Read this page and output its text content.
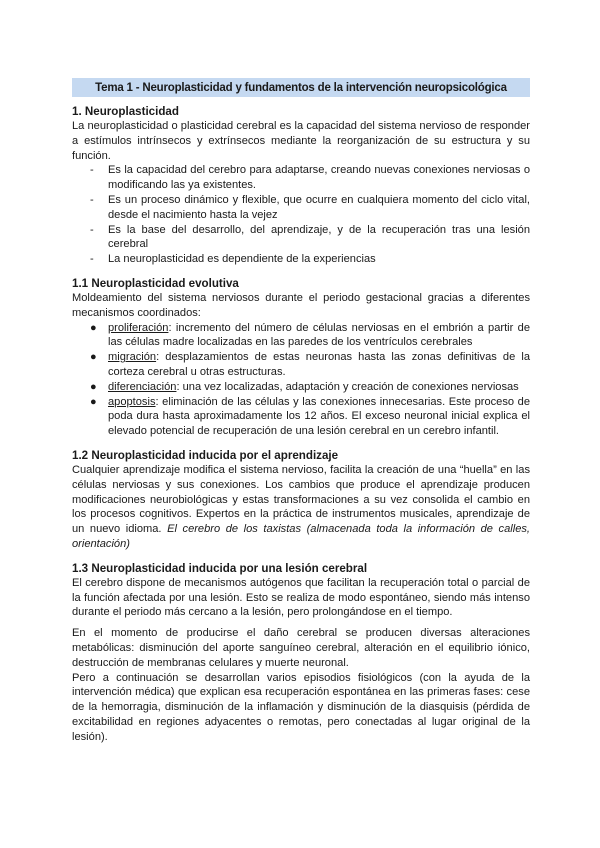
Tema 1 - Neuroplasticidad y fundamentos de la intervención neuropsicológica
1. Neuroplasticidad

La neuroplasticidad o plasticidad cerebral es la capacidad del sistema nervioso de responder a estímulos intrínsecos y extrínsecos mediante la reorganización de su estructura y su función.

- Es la capacidad del cerebro para adaptarse, creando nuevas conexiones nerviosas o modificando las ya existentes.
- Es un proceso dinámico y flexible, que ocurre en cualquiera momento del ciclo vital, desde el nacimiento hasta la vejez
- Es la base del desarrollo, del aprendizaje, y de la recuperación tras una lesión cerebral
- La neuroplasticidad es dependiente de la experiencias
1.1 Neuroplasticidad evolutiva

Moldeamiento del sistema nerviosos durante el periodo gestacional gracias a diferentes mecanismos coordinados:

● proliferación: incremento del número de células nerviosas en el embrión a partir de las células madre localizadas en las paredes de los ventrículos cerebrales
● migración: desplazamientos de estas neuronas hasta las zonas definitivas de la corteza cerebral u otras estructuras.
● diferenciación: una vez localizadas, adaptación y creación de conexiones nerviosas
● apoptosis: eliminación de las células y las conexiones innecesarias. Este proceso de poda dura hasta aproximadamente los 12 años. El exceso neuronal inicial explica el elevado potencial de recuperación de una lesión cerebral en un cerebro infantil.
1.2 Neuroplasticidad inducida por el aprendizaje

Cualquier aprendizaje modifica el sistema nervioso, facilita la creación de una “huella” en las células nerviosas y sus conexiones. Los cambios que produce el aprendizaje producen modificaciones neurobiológicas y estas transformaciones a su vez consolida el cambio en los procesos cognitivos. Expertos en la práctica de instrumentos musicales, aprendizaje de un nuevo idioma. El cerebro de los taxistas (almacenada toda la información de calles, orientación)

1.3 Neuroplasticidad inducida por una lesión cerebral

El cerebro dispone de mecanismos autógenos que facilitan la recuperación total o parcial de la función afectada por una lesión. Esto se realiza de modo espontáneo, siendo más intenso durante el periodo más cercano a la lesión, pero prolongándose en el tiempo.

En el momento de producirse el daño cerebral se producen diversas alteraciones metabólicas: disminución del aporte sanguíneo cerebral, alteración en el equilibrio iónico, destrucción de membranas celulares y muerte neuronal.

Pero a continuación se desarrollan varios episodios fisiológicos (con la ayuda de la intervención médica) que explican esa recuperación espontánea en las primeras fases: cese de la hemorragia, disminución de la inflamación y disminución de la diasquisis (pérdida de excitabilidad en regiones adyacentes o remotas, pero conectadas al lugar original de la lesión).
